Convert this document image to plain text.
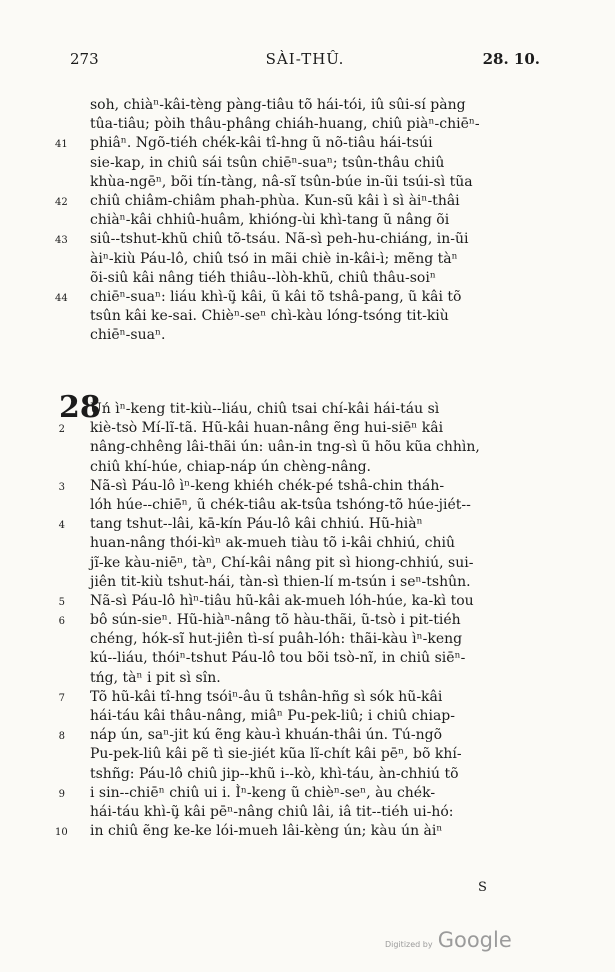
273	SÀI-THÛ.	28. 10.
soh, chiàⁿ-kâi-tèng pàng-tiâu tõ hái-tói, iû sûi-sí pàng
tûa-tiâu; pòih thâu-phâng chiáh-huang, chiû piàⁿ-chiēⁿ-
41 phiâⁿ. Ngõ-tiéh chék-kâi tî-hng ũ nõ-tiâu hái-tsúi
sie-kap, in chiû sái tsûn chiēⁿ-suaⁿ; tsûn-thâu chiû
khùa-ngēⁿ, bõi tín-tàng, nâ-sĩ tsûn-búe in-ũi tsúi-sì tũa
42 chiû chiâm-chiâm phah-phùa. Kun-sũ kâi ì sì àiⁿ-thâi
chiàⁿ-kâi chhiû-huâm, khióng-ùi khì-tang ũ nâng õi
43 siû--tshut-khũ chiû tõ-tsáu. Nã-sì peh-hu-chiáng, in-ũi
àiⁿ-kiù Páu-lô, chiû tsó in mãi chiè in-kâi-ì; mẽng tàⁿ
õi-siû kâi nâng tiéh thiâu--lòh-khũ, chiû thâu-soiⁿ
44 chiēⁿ-suaⁿ: liáu khì-ũ̧ kâi, ũ kâi tõ tshâ-pang, ũ kâi tõ
tsûn kâi ke-sai. Chièⁿ-seⁿ chì-kàu lóng-tsóng tit-kiù
chiēⁿ-suaⁿ.
28
Uń ìⁿ-keng tit-kiù--liáu, chiû tsai chí-kâi hái-táu sì
2 kiè-tsò Mí-lĩ-tã. Hũ-kâi huan-nâng ẽng hui-siēⁿ kâi
nâng-chhêng lâi-thãi ún: uân-in tng-sì ũ hõu kũa chhìn,
chiû khí-húe, chiap-náp ún chèng-nâng.
3 Nã-sì Páu-lô ìⁿ-keng khiéh chék-pé tshâ-chin tháh-
lóh húe--chiēⁿ, ũ chék-tiâu ak-tsûa tshóng-tõ húe-jiét--
4 tang tshut--lâi, kā-kín Páu-lô kâi chhiú. Hũ-hiàⁿ
huan-nâng thói-kìⁿ ak-mueh tiàu tõ i-kâi chhiú, chiû
jĩ-ke kàu-niēⁿ, tàⁿ, Chí-kâi nâng pit sì hiong-chhiú, sui-
jiên tit-kiù tshut-hái, tàn-sì thien-lí m-tsún i seⁿ-tshûn.
5 Nã-sì Páu-lô hìⁿ-tiâu hũ-kâi ak-mueh lóh-húe, ka-kì tou
6 bô sún-sieⁿ. Hũ-hiàⁿ-nâng tõ hàu-thãi, ũ-tsò i pit-tiéh
chéng, hók-sĩ hut-jiên tì-sí puâh-lóh: thãi-kàu ìⁿ-keng
kú--liáu, thóiⁿ-tshut Páu-lô tou bõi tsò-nĩ, in chiû siēⁿ-
tńg, tàⁿ i pit sì sîn.
7 Tõ hũ-kâi tî-hng tsóiⁿ-âu ũ tshân-hñg sì sók hũ-kâi
hái-táu kâi thâu-nâng, miâⁿ Pu-pek-liû; i chiû chiap-
8 náp ún, saⁿ-jit kú ẽng kàu-ì khuán-thâi ún. Tú-ngõ
Pu-pek-liû kâi pẽ tì sie-jiét kũa lĩ-chít kâi pēⁿ, bõ khí-
tshñg: Páu-lô chiû jip--khũ i--kò, khì-táu, àn-chhiú tõ
9 i sin--chiēⁿ chiû ui i. Ìⁿ-keng ũ chièⁿ-seⁿ, àu chék-
hái-táu khì-ũ̧ kâi pēⁿ-nâng chiû lâi, iâ tit--tiéh ui-hó:
10 in chiû ẽng ke-ke lói-mueh lâi-kèng ún; kàu ún àiⁿ
S
Digitized by Google
